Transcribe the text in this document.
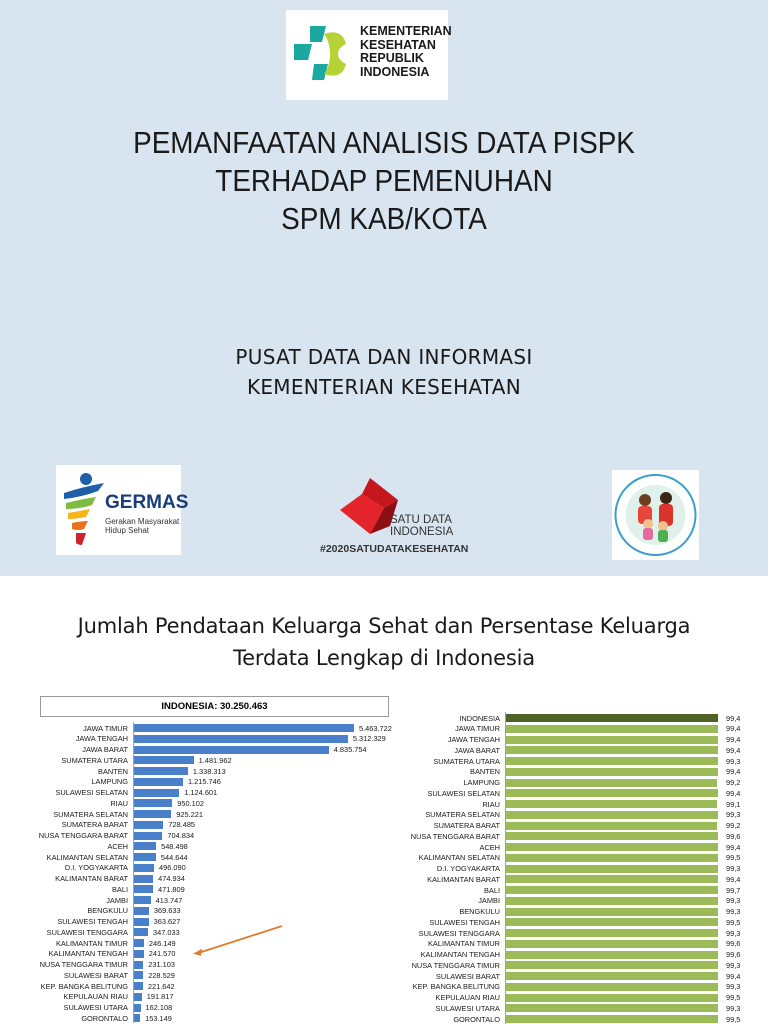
KEMENTERIAN
KESEHATAN
REPUBLIK
INDONESIA
PEMANFAATAN ANALISIS DATA PISPK
TERHADAP PEMENUHAN
SPM KAB/KOTA
PUSAT DATA DAN INFORMASI
KEMENTERIAN KESEHATAN
GERMAS
Gerakan Masyarakat
Hidup Sehat
SATU DATA
INDONESIA
#2020SATUDATAKESEHATAN
Jumlah Pendataan Keluarga Sehat dan Persentase Keluarga
Terdata Lengkap di Indonesia
INDONESIA: 30.250.463
JAWA TIMUR	5.463.722
JAWA TENGAH	5.312.329
JAWA BARAT	4.835.754
SUMATERA UTARA	1.481.962
BANTEN	1.338.313
LAMPUNG	1.215.746
SULAWESI SELATAN	1.124.601
RIAU	950.102
SUMATERA SELATAN	925.221
SUMATERA BARAT	728.485
NUSA TENGGARA BARAT	704.834
ACEH	548.498
KALIMANTAN SELATAN	544.644
D.I. YOGYAKARTA	496.090
KALIMANTAN BARAT	474.934
BALI	471.809
JAMBI	413.747
BENGKULU	369.633
SULAWESI TENGAH	363.627
SULAWESI TENGGARA	347.033
KALIMANTAN TIMUR	246.149
KALIMANTAN TENGAH	241.570
NUSA TENGGARA TIMUR	231.103
SULAWESI BARAT	228.529
KEP. BANGKA BELITUNG	221.642
KEPULAUAN RIAU	191.817
SULAWESI UTARA 162.108
GORONTALO 153.149
INDONESIA	99,4
JAWA TIMUR	99,4
JAWA TENGAH	99,4
JAWA BARAT	99,4
SUMATERA UTARA	99,3
BANTEN	99,4
LAMPUNG	99,2
SULAWESI SELATAN	99,4
RIAU	99,1
SUMATERA SELATAN	99,3
SUMATERA BARAT	99,2
NUSA TENGGARA BARAT	99,6
ACEH	99,4
KALIMANTAN SELATAN	99,5
D.I. YOGYAKARTA	99,3
KALIMANTAN BARAT	99,4
BALI	99,7
JAMBI	99,3
BENGKULU	99,3
SULAWESI TENGAH	99,5
SULAWESI TENGGARA	99,3
KALIMANTAN TIMUR	99,6
KALIMANTAN TENGAH	99,6
NUSA TENGGARA TIMUR	99,3
SULAWESI BARAT	99,4
KEP. BANGKA BELITUNG	99,3
KEPULAUAN RIAU	99,5
SULAWESI UTARA	99,3
GORONTALO	99,5
